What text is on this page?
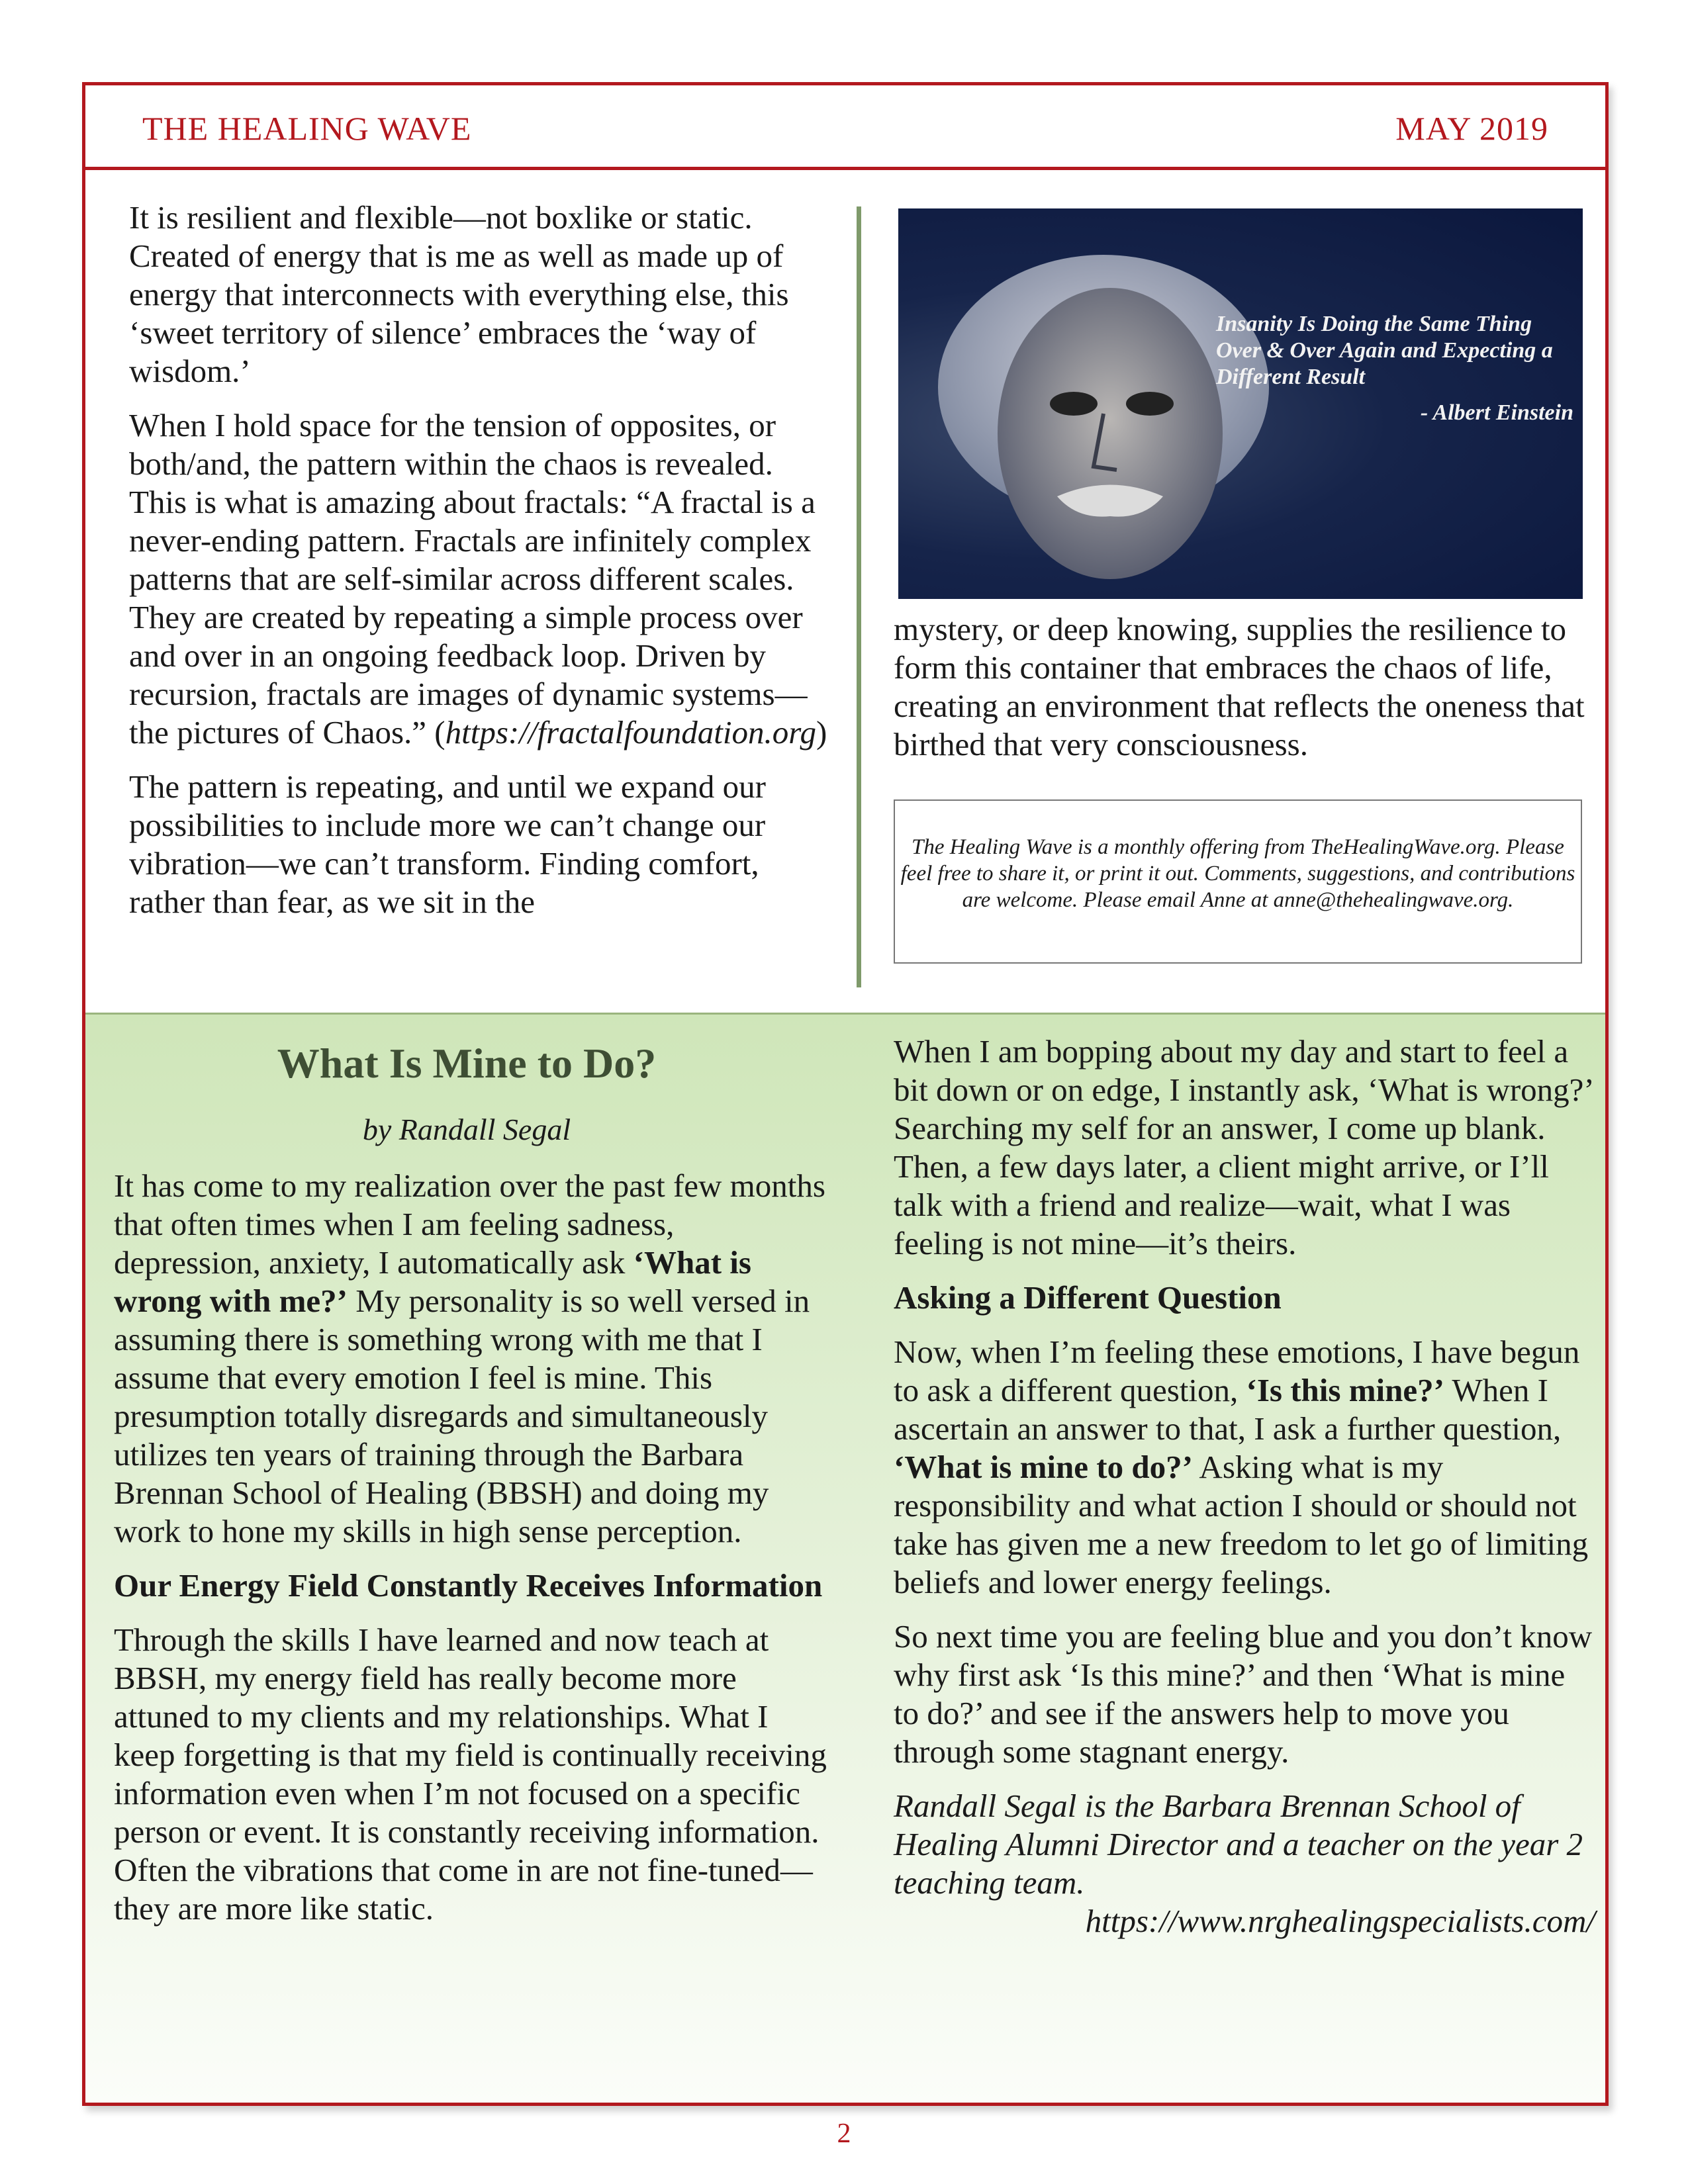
THE HEALING WAVE	MAY 2019

It is resilient and flexible—not boxlike or static. Created of energy that is me as well as made up of energy that interconnects with everything else, this ‘sweet territory of silence’ embraces the ‘way of wisdom.’

When I hold space for the tension of opposites, or both/and, the pattern within the chaos is revealed. This is what is amazing about fractals: “A fractal is a never-ending pattern. Fractals are infinitely complex patterns that are self-similar across different scales. They are created by repeating a simple process over and over in an ongoing feedback loop. Driven by recursion, fractals are images of dynamic systems—the pictures of Chaos.” (https://fractalfoundation.org)

The pattern is repeating, and until we expand our possibilities to include more we can’t change our vibration—we can’t transform. Finding comfort, rather than fear, as we sit in the

Insanity Is Doing the Same Thing Over & Over Again and Expecting a Different Result
- Albert Einstein

mystery, or deep knowing, supplies the resilience to form this container that embraces the chaos of life, creating an environment that reflects the oneness that birthed that very consciousness.

The Healing Wave is a monthly offering from TheHealingWave.org. Please feel free to share it, or print it out. Comments, suggestions, and contributions are welcome. Please email Anne at anne@thehealingwave.org.
What Is Mine to Do?
by Randall Segal

It has come to my realization over the past few months that often times when I am feeling sadness, depression, anxiety, I automatically ask ‘What is wrong with me?’ My personality is so well versed in assuming there is something wrong with me that I assume that every emotion I feel is mine. This presumption totally disregards and simultaneously utilizes ten years of training through the Barbara Brennan School of Healing (BBSH) and doing my work to hone my skills in high sense perception.

Our Energy Field Constantly Receives Information

Through the skills I have learned and now teach at BBSH, my energy field has really become more attuned to my clients and my relationships. What I keep forgetting is that my field is continually receiving information even when I’m not focused on a specific person or event. It is constantly receiving information. Often the vibrations that come in are not fine-tuned—they are more like static.

When I am bopping about my day and start to feel a bit down or on edge, I instantly ask, ‘What is wrong?’ Searching my self for an answer, I come up blank. Then, a few days later, a client might arrive, or I’ll talk with a friend and realize—wait, what I was feeling is not mine—it’s theirs.

Asking a Different Question

Now, when I’m feeling these emotions, I have begun to ask a different question, ‘Is this mine?’ When I ascertain an answer to that, I ask a further question, ‘What is mine to do?’ Asking what is my responsibility and what action I should or should not take has given me a new freedom to let go of limiting beliefs and lower energy feelings.

So next time you are feeling blue and you don’t know why first ask ‘Is this mine?’ and then ‘What is mine to do?’ and see if the answers help to move you through some stagnant energy.

Randall Segal is the Barbara Brennan School of Healing Alumni Director and a teacher on the year 2 teaching team.

https://www.nrghealingspecialists.com/

2
